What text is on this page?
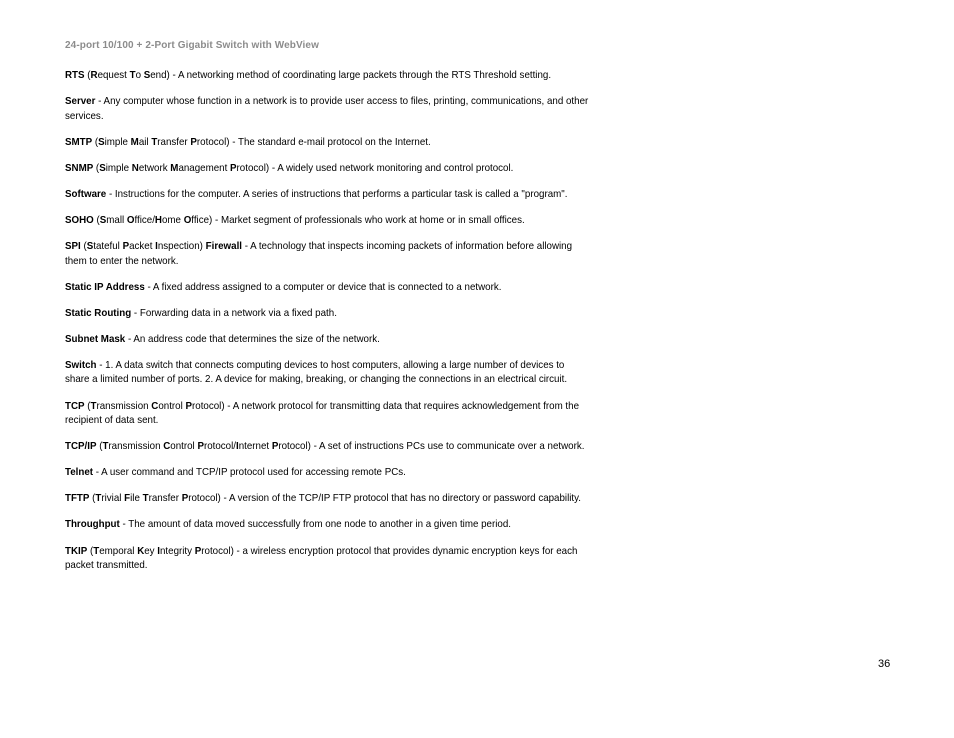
24-port 10/100 + 2-Port Gigabit Switch with WebView

RTS (Request To Send) - A networking method of coordinating large packets through the RTS Threshold setting.

Server - Any computer whose function in a network is to provide user access to files, printing, communications, and other services.

SMTP (Simple Mail Transfer Protocol) - The standard e-mail protocol on the Internet.

SNMP (Simple Network Management Protocol) - A widely used network monitoring and control protocol.

Software - Instructions for the computer. A series of instructions that performs a particular task is called a "program".

SOHO (Small Office/Home Office) - Market segment of professionals who work at home or in small offices.

SPI (Stateful Packet Inspection) Firewall - A technology that inspects incoming packets of information before allowing them to enter the network.

Static IP Address - A fixed address assigned to a computer or device that is connected to a network.

Static Routing - Forwarding data in a network via a fixed path.

Subnet Mask - An address code that determines the size of the network.

Switch - 1. A data switch that connects computing devices to host computers, allowing a large number of devices to share a limited number of ports. 2. A device for making, breaking, or changing the connections in an electrical circuit.

TCP (Transmission Control Protocol) - A network protocol for transmitting data that requires acknowledgement from the recipient of data sent.

TCP/IP (Transmission Control Protocol/Internet Protocol) - A set of instructions PCs use to communicate over a network.

Telnet - A user command and TCP/IP protocol used for accessing remote PCs.

TFTP (Trivial File Transfer Protocol) - A version of the TCP/IP FTP protocol that has no directory or password capability.

Throughput - The amount of data moved successfully from one node to another in a given time period.

TKIP (Temporal Key Integrity Protocol) - a wireless encryption protocol that provides dynamic encryption keys for each packet transmitted.

36
